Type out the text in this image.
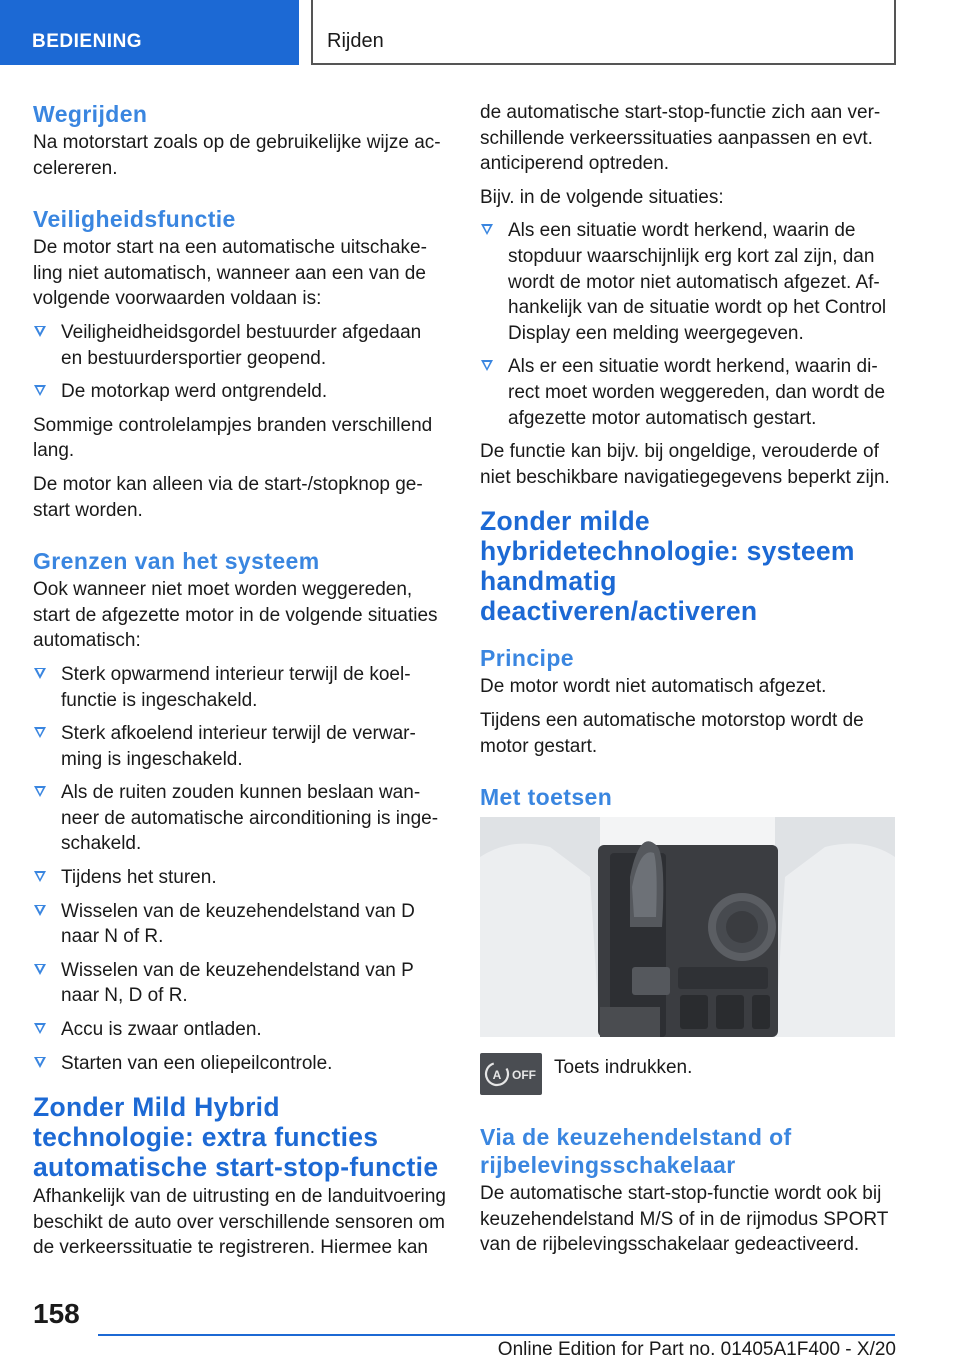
BEDIENING	Rijden
Wegrijden
Na motorstart zoals op de gebruikelijke wijze accelereren.
Veiligheidsfunctie
De motor start na een automatische uitschakeling niet automatisch, wanneer aan een van de volgende voorwaarden voldaan is:
Veiligheidheidsgordel bestuurder afgedaan en bestuurdersportier geopend.
De motorkap werd ontgrendeld.
Sommige controlelampjes branden verschillend lang.
De motor kan alleen via de start-/stopknop gestart worden.
Grenzen van het systeem
Ook wanneer niet moet worden weggereden, start de afgezette motor in de volgende situaties automatisch:
Sterk opwarmend interieur terwijl de koelfunctie is ingeschakeld.
Sterk afkoelend interieur terwijl de verwarming is ingeschakeld.
Als de ruiten zouden kunnen beslaan wanneer de automatische airconditioning is ingeschakeld.
Tijdens het sturen.
Wisselen van de keuzehendelstand van D naar N of R.
Wisselen van de keuzehendelstand van P naar N, D of R.
Accu is zwaar ontladen.
Starten van een oliepeilcontrole.
Zonder Mild Hybrid technologie: extra functies automatische start-stop-functie
Afhankelijk van de uitrusting en de landuitvoering beschikt de auto over verschillende sensoren om de verkeerssituatie te registreren. Hiermee kan
de automatische start-stop-functie zich aan verschillende verkeerssituaties aanpassen en evt. anticiperend optreden.
Bijv. in de volgende situaties:
Als een situatie wordt herkend, waarin de stopduur waarschijnlijk erg kort zal zijn, dan wordt de motor niet automatisch afgezet. Afhankelijk van de situatie wordt op het Control Display een melding weergegeven.
Als er een situatie wordt herkend, waarin direct moet worden weggereden, dan wordt de afgezette motor automatisch gestart.
De functie kan bijv. bij ongeldige, verouderde of niet beschikbare navigatiegegevens beperkt zijn.
Zonder milde hybridetechnologie: systeem handmatig deactiveren/activeren
Principe
De motor wordt niet automatisch afgezet.
Tijdens een automatische motorstop wordt de motor gestart.
Met toetsen
A OFF Toets indrukken.
Via de keuzehendelstand of rijbelevingsschakelaar
De automatische start-stop-functie wordt ook bij keuzehendelstand M/S of in de rijmodus SPORT van de rijbelevingsschakelaar gedeactiveerd.
158
Online Edition for Part no. 01405A1F400 - X/20
